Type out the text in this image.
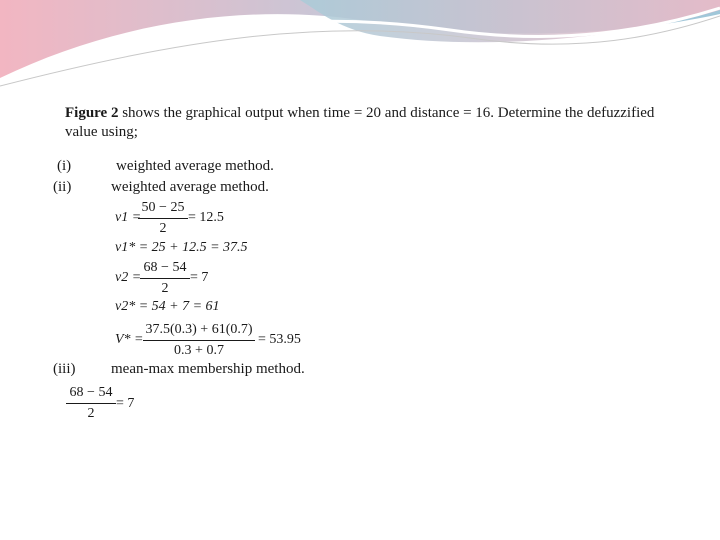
Figure 2 shows the graphical output when time = 20 and distance = 16. Determine the defuzzified value using;
(i)	weighted average method.
(ii)	weighted average method.
v1 =
$\frac{50 - 25}{2} = 12.5$
v1* = 25 + 12.5 = 37.5
v2 =
$\frac{68 - 54}{2} = 7$
v2* = 54 + 7 = 61
$V* = \frac{37.5(0.3) + 61(0.7)}{0.3 + 0.7} = 53.95$
(iii) mean-max membership method.
$\frac{68 - 54}{2} = 7$
